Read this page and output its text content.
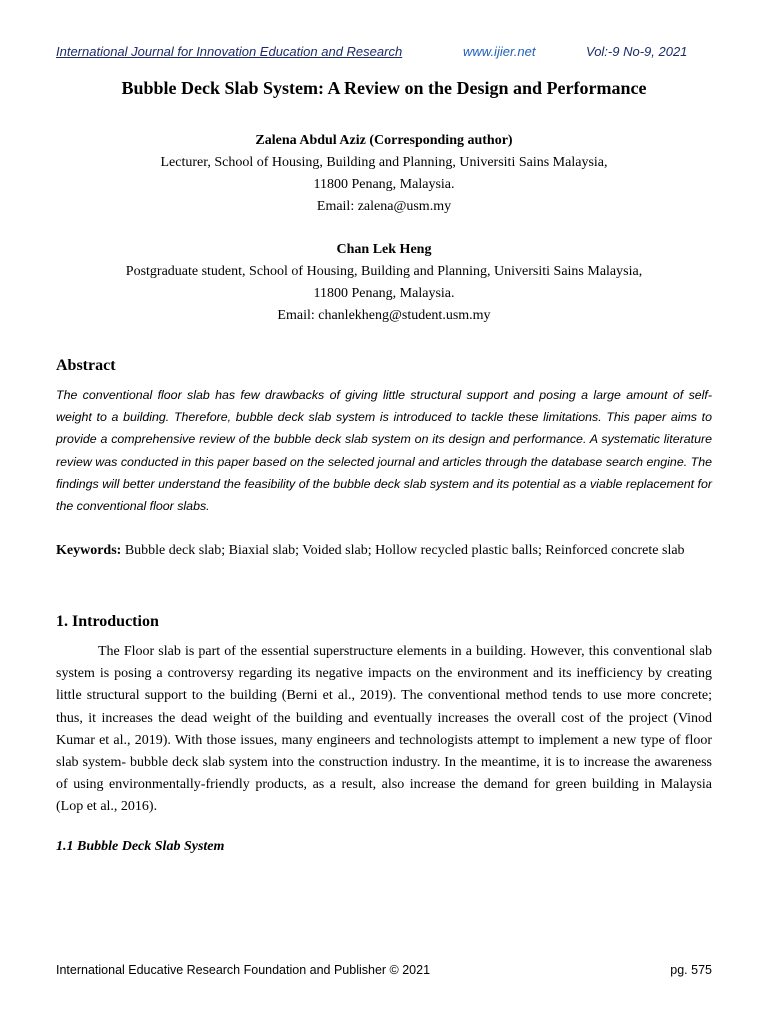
International Journal for Innovation Education and Research	www.ijier.net	Vol:-9 No-9, 2021
Bubble Deck Slab System: A Review on the Design and Performance
Zalena Abdul Aziz (Corresponding author)
Lecturer, School of Housing, Building and Planning, Universiti Sains Malaysia,
11800 Penang, Malaysia.
Email: zalena@usm.my
Chan Lek Heng
Postgraduate student, School of Housing, Building and Planning, Universiti Sains Malaysia,
11800 Penang, Malaysia.
Email: chanlekheng@student.usm.my
Abstract
The conventional floor slab has few drawbacks of giving little structural support and posing a large amount of self-weight to a building. Therefore, bubble deck slab system is introduced to tackle these limitations. This paper aims to provide a comprehensive review of the bubble deck slab system on its design and performance. A systematic literature review was conducted in this paper based on the selected journal and articles through the database search engine. The findings will better understand the feasibility of the bubble deck slab system and its potential as a viable replacement for the conventional floor slabs.
Keywords: Bubble deck slab; Biaxial slab; Voided slab; Hollow recycled plastic balls; Reinforced concrete slab
1. Introduction
The Floor slab is part of the essential superstructure elements in a building. However, this conventional slab system is posing a controversy regarding its negative impacts on the environment and its inefficiency by creating little structural support to the building (Berni et al., 2019). The conventional method tends to use more concrete; thus, it increases the dead weight of the building and eventually increases the overall cost of the project (Vinod Kumar et al., 2019). With those issues, many engineers and technologists attempt to implement a new type of floor slab system- bubble deck slab system into the construction industry. In the meantime, it is to increase the awareness of using environmentally-friendly products, as a result, also increase the demand for green building in Malaysia (Lop et al., 2016).
1.1 Bubble Deck Slab System
International Educative Research Foundation and Publisher © 2021	pg. 575
